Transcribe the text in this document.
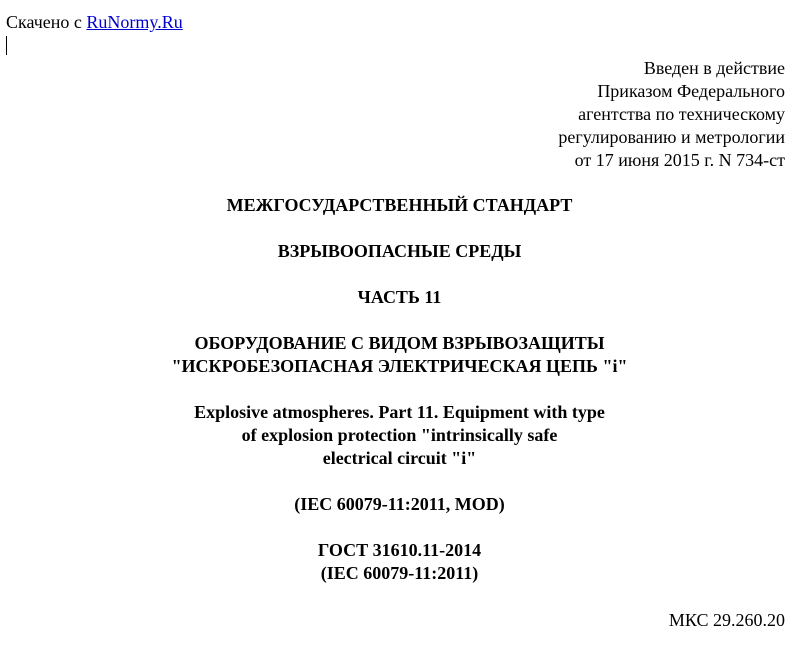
Скачено с RuNormy.Ru
Введен в действие
Приказом Федерального
агентства по техническому
регулированию и метрологии
от 17 июня 2015 г. N 734-ст
МЕЖГОСУДАРСТВЕННЫЙ СТАНДАРТ
ВЗРЫВООПАСНЫЕ СРЕДЫ
ЧАСТЬ 11
ОБОРУДОВАНИЕ С ВИДОМ ВЗРЫВОЗАЩИТЫ
"ИСКРОБЕЗОПАСНАЯ ЭЛЕКТРИЧЕСКАЯ ЦЕПЬ "i"
Explosive atmospheres. Part 11. Equipment with type
of explosion protection "intrinsically safe
electrical circuit "i"
(IEC 60079-11:2011, MOD)
ГОСТ 31610.11-2014
(IEC 60079-11:2011)
МКС 29.260.20
